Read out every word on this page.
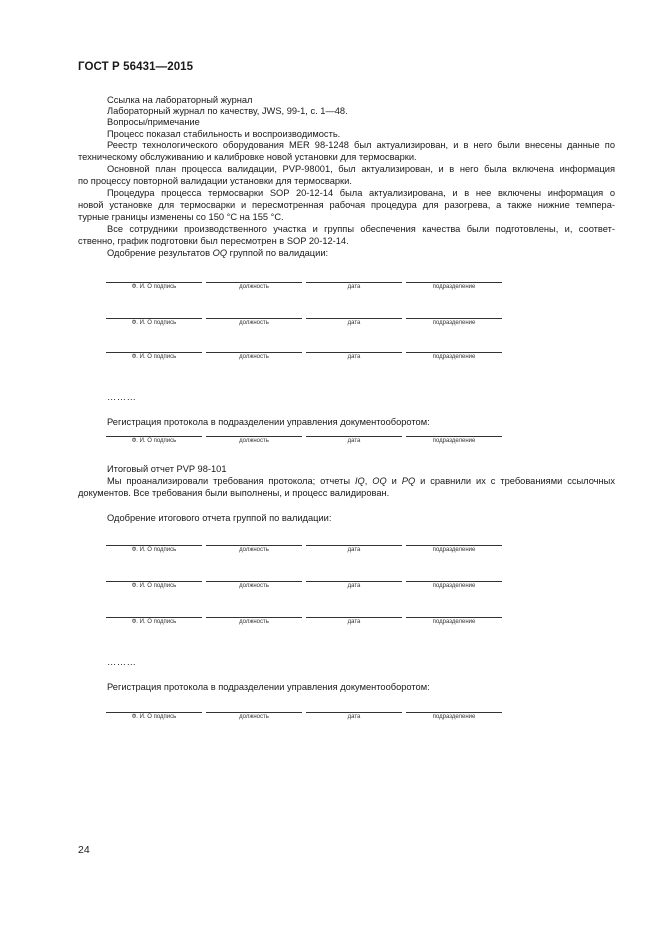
ГОСТ Р 56431—2015
Ссылка на лабораторный журнал
Лабораторный журнал по качеству, JWS, 99-1, с. 1—48.
Вопросы/примечание
Процесс показал стабильность и воспроизводимость.
Реестр технологического оборудования MER 98-1248 был актуализирован, и в него были внесены данные по
техническому обслуживанию и калибровке новой установки для термосварки.
Основной план процесса валидации, PVP-98001, был актуализирован, и в него была включена информация
по процессу повторной валидации установки для термосварки.
Процедура процесса термосварки SOP 20-12-14 была актуализирована, и в нее включены информация о
новой установке для термосварки и пересмотренная рабочая процедура для разогрева, а также нижние темпера-
турные границы изменены со 150 °С на 155 °С.
Все сотрудники производственного участка и группы обеспечения качества были подготовлены, и, соответ-
ственно, график подготовки был пересмотрен в SOP 20-12-14.
Одобрение результатов OQ группой по валидации:
Ф. И. О подпись	должность	дата	подразделение
Ф. И. О подпись	должность	дата	подразделение
Ф. И. О подпись	должность	дата	подразделение
………
Регистрация протокола в подразделении управления документооборотом:
Ф. И. О подпись	должность	дата	подразделение
Итоговый отчет PVP 98-101
Мы проанализировали требования протокола; отчеты IQ, OQ и PQ и сравнили их с требованиями ссылочных
документов. Все требования были выполнены, и процесс валидирован.
Одобрение итогового отчета группой по валидации:
Ф. И. О подпись	должность	дата	подразделение
Ф. И. О подпись	должность	дата	подразделение
Ф. И. О подпись	должность	дата	подразделение
………
Регистрация протокола в подразделении управления документооборотом:
Ф. И. О подпись	должность	дата	подразделение
24
